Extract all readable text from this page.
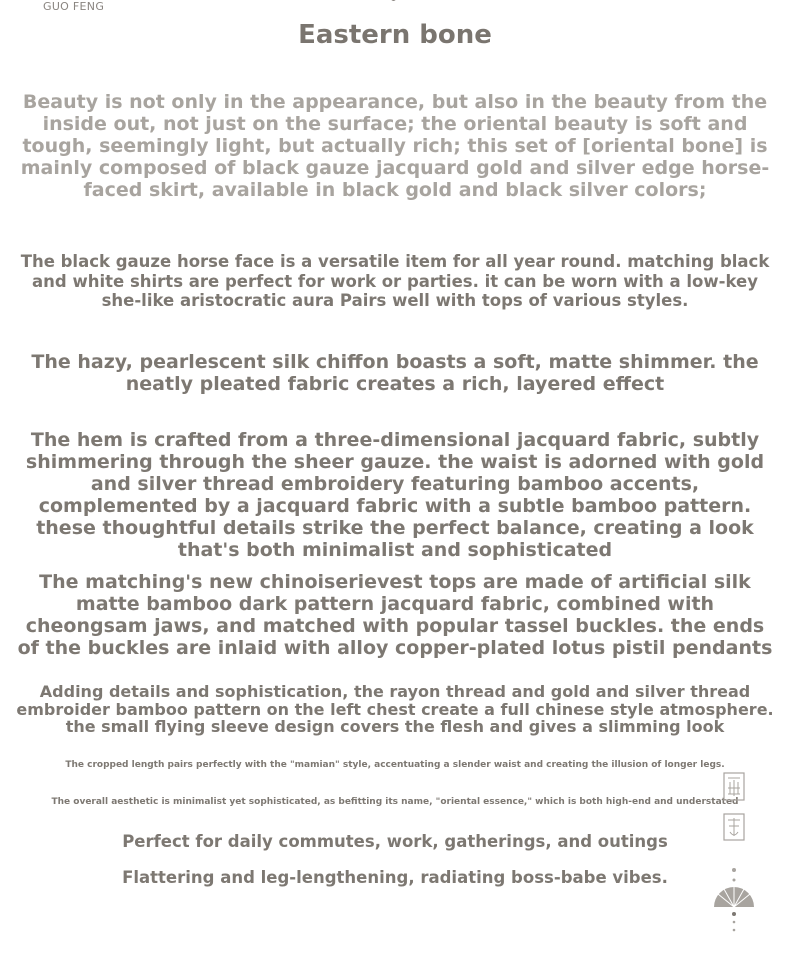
GUO FENG
Eastern bone

Beauty is not only in the appearance, but also in the beauty from the inside out, not just on the surface; the oriental beauty is soft and tough, seemingly light, but actually rich; this set of [oriental bone] is mainly composed of black gauze jacquard gold and silver edge horse-faced skirt, available in black gold and black silver colors;

The black gauze horse face is a versatile item for all year round. matching black and white shirts are perfect for work or parties. it can be worn with a low-key she-like aristocratic aura Pairs well with tops of various styles.

The hazy, pearlescent silk chiffon boasts a soft, matte shimmer. the neatly pleated fabric creates a rich, layered effect

The hem is crafted from a three-dimensional jacquard fabric, subtly shimmering through the sheer gauze. the waist is adorned with gold and silver thread embroidery featuring bamboo accents, complemented by a jacquard fabric with a subtle bamboo pattern. these thoughtful details strike the perfect balance, creating a look that's both minimalist and sophisticated

The matching's new chinoiserievest tops are made of artificial silk matte bamboo dark pattern jacquard fabric, combined with cheongsam jaws, and matched with popular tassel buckles. the ends of the buckles are inlaid with alloy copper-plated lotus pistil pendants

Adding details and sophistication, the rayon thread and gold and silver thread embroider bamboo pattern on the left chest create a full chinese style atmosphere. the small flying sleeve design covers the flesh and gives a slimming look

The cropped length pairs perfectly with the "mamian" style, accentuating a slender waist and creating the illusion of longer legs.

The overall aesthetic is minimalist yet sophisticated, as befitting its name, "oriental essence," which is both high-end and understated

Perfect for daily commutes, work, gatherings, and outings

Flattering and leg-lengthening, radiating boss-babe vibes.
